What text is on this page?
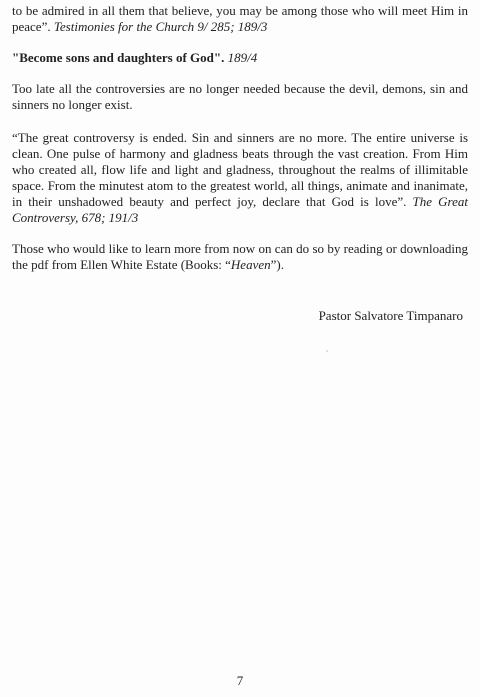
to be admired in all them that believe, you may be among those who will meet Him in peace”. Testimonies for the Church 9/ 285; 189/3

"Become sons and daughters of God". 189/4

Too late all the controversies are no longer needed because the devil, demons, sin and sinners no longer exist.

“The great controversy is ended. Sin and sinners are no more. The entire universe is clean. One pulse of harmony and gladness beats through the vast creation. From Him who created all, flow life and light and gladness, throughout the realms of illimitable space. From the minutest atom to the greatest world, all things, animate and inanimate, in their unshadowed beauty and perfect joy, declare that God is love”. The Great Controversy, 678; 191/3

Those who would like to learn more from now on can do so by reading or downloading the pdf from Ellen White Estate (Books: “Heaven”).

Pastor Salvatore Timpanaro
7
